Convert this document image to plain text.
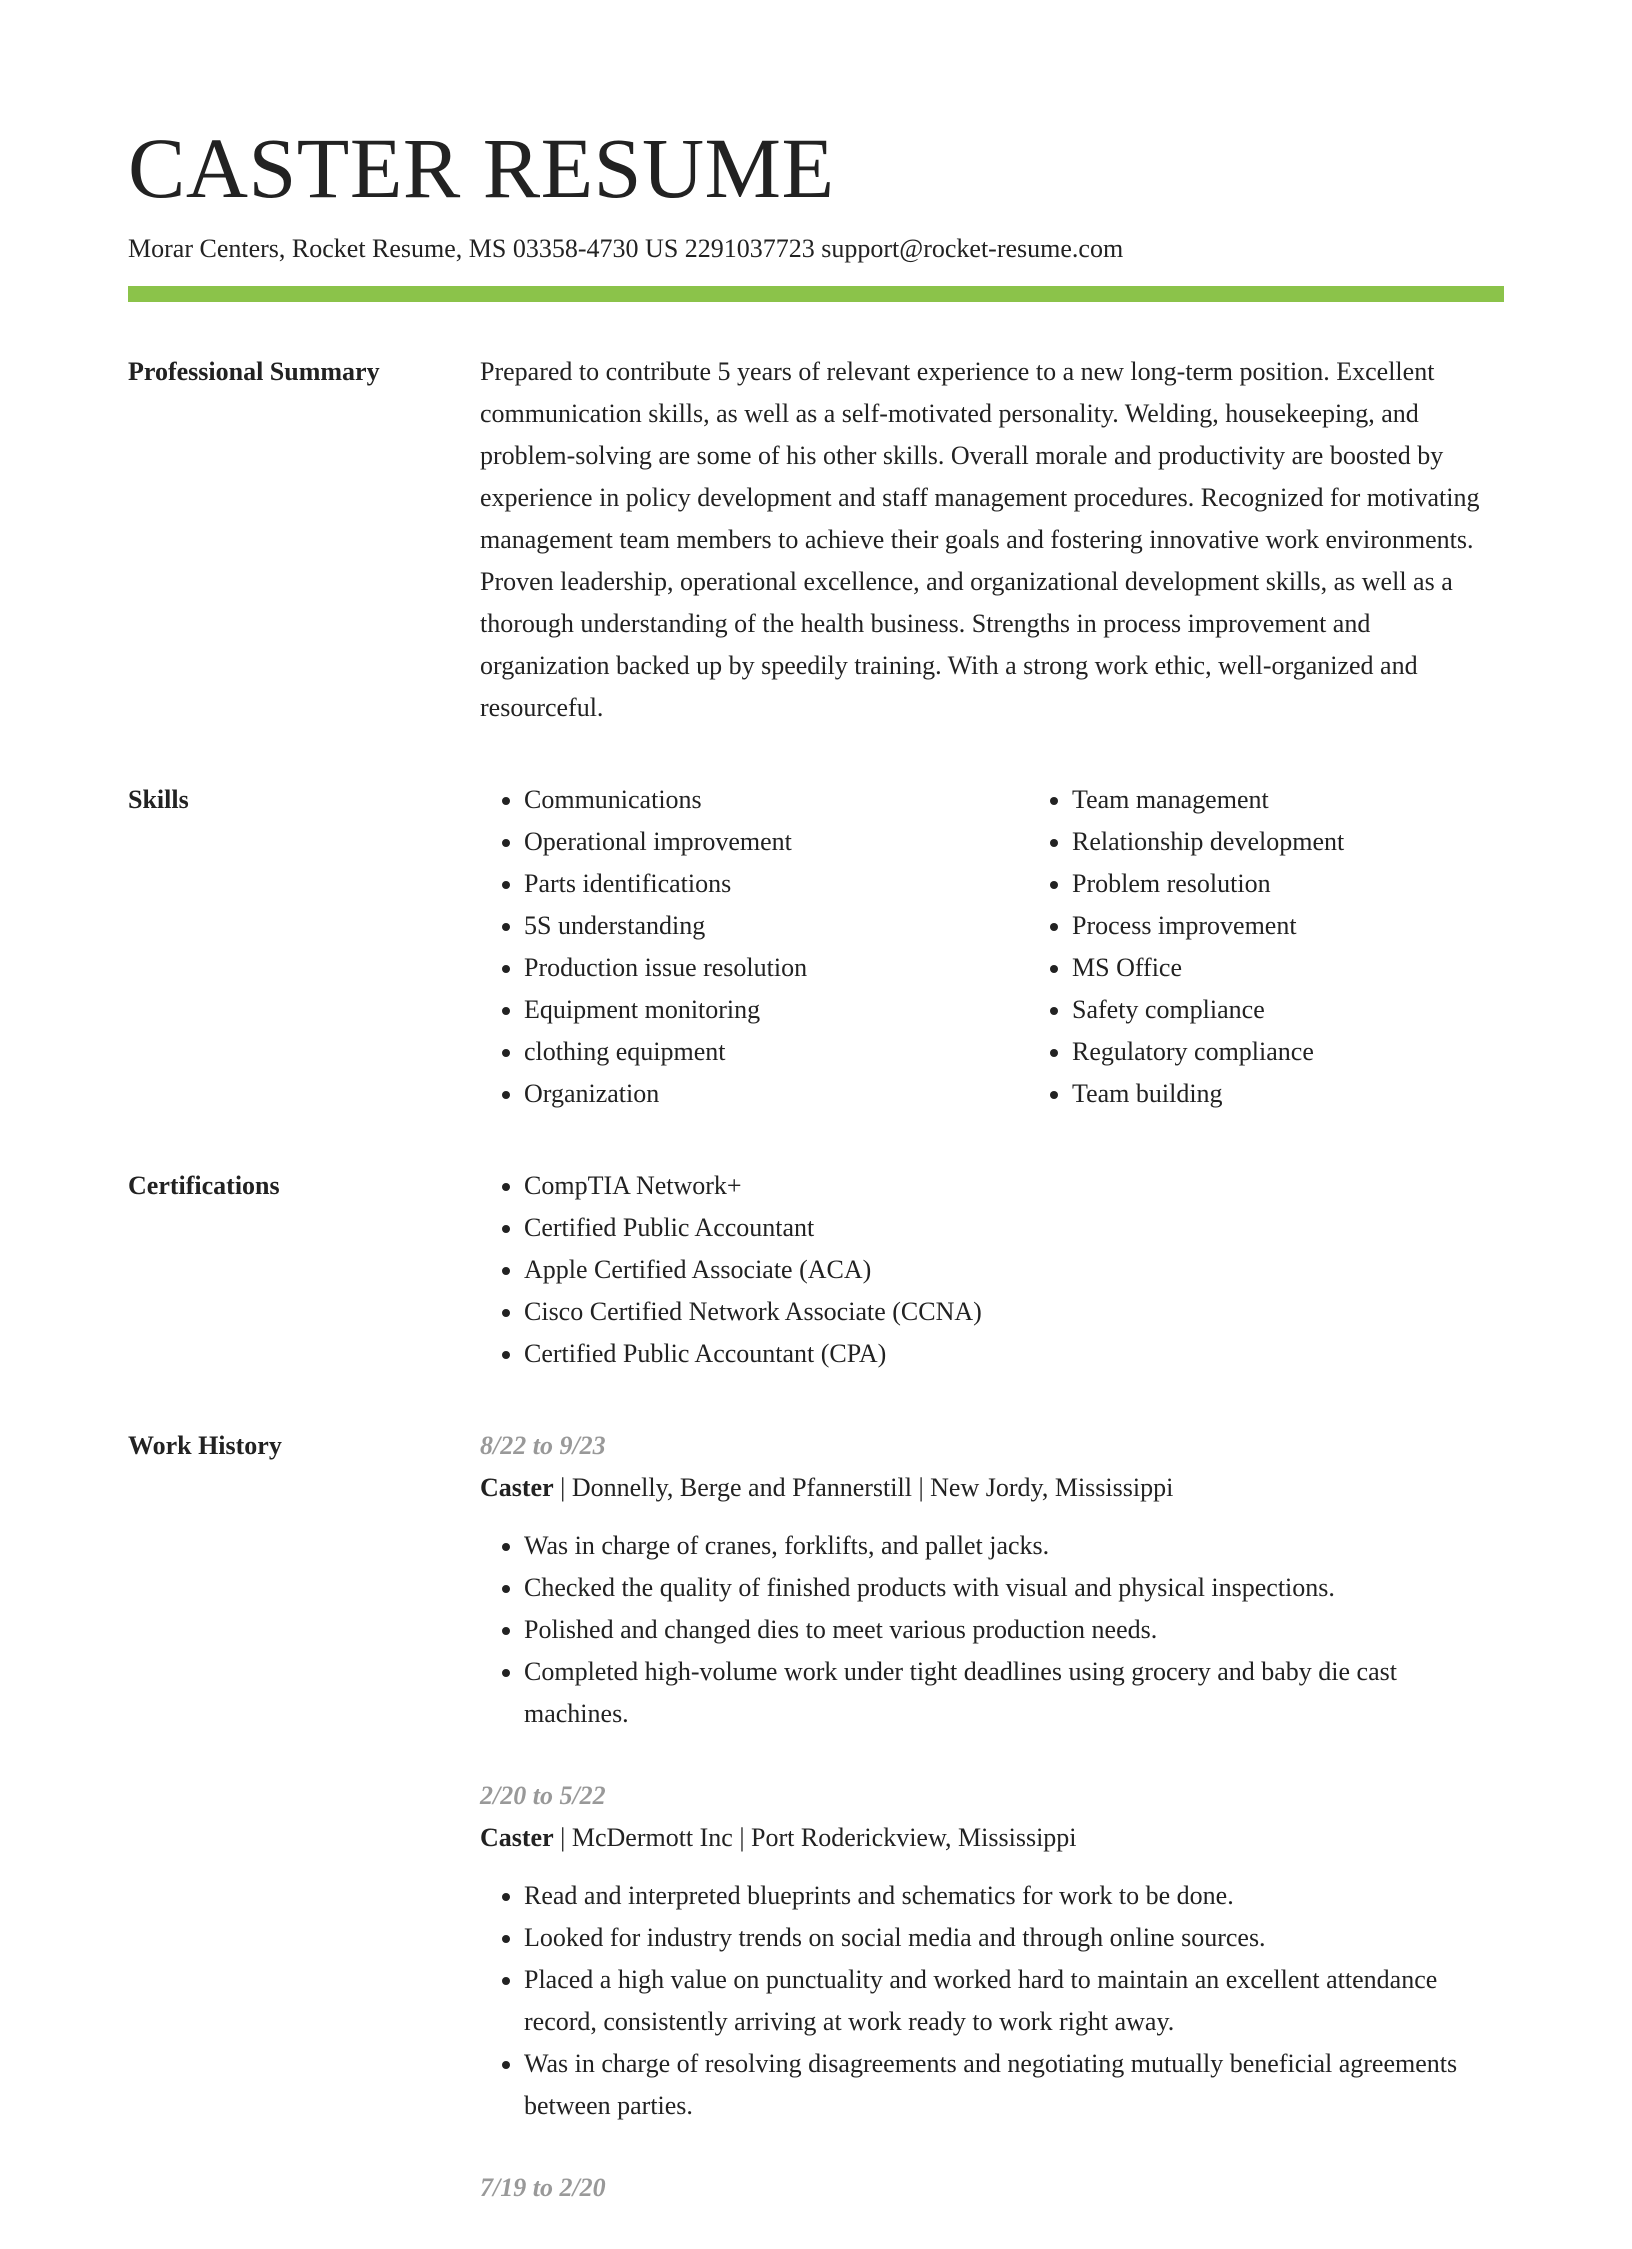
CASTER RESUME
Morar Centers, Rocket Resume, MS 03358-4730 US 2291037723 support@rocket-resume.com
Professional Summary	Prepared to contribute 5 years of relevant experience to a new long-term position. Excellent communication skills, as well as a self-motivated personality. Welding, housekeeping, and problem-solving are some of his other skills. Overall morale and productivity are boosted by experience in policy development and staff management procedures. Recognized for motivating management team members to achieve their goals and fostering innovative work environments. Proven leadership, operational excellence, and organizational development skills, as well as a thorough understanding of the health business. Strengths in process improvement and organization backed up by speedily training. With a strong work ethic, well-organized and resourceful.

Skills	• Communications
• Operational improvement
• Parts identifications
• 5S understanding
• Production issue resolution
• Equipment monitoring
• clothing equipment
• Organization
• Team management
• Relationship development
• Problem resolution
• Process improvement
• MS Office
• Safety compliance
• Regulatory compliance
• Team building
Certifications	• CompTIA Network+
• Certified Public Accountant
• Apple Certified Associate (ACA)
• Cisco Certified Network Associate (CCNA)
• Certified Public Accountant (CPA)
Work History	8/22 to 9/23
Caster | Donnelly, Berge and Pfannerstill | New Jordy, Mississippi
• Was in charge of cranes, forklifts, and pallet jacks.
• Checked the quality of finished products with visual and physical inspections.
• Polished and changed dies to meet various production needs.
• Completed high-volume work under tight deadlines using grocery and baby die cast machines.
2/20 to 5/22
Caster | McDermott Inc | Port Roderickview, Mississippi
• Read and interpreted blueprints and schematics for work to be done.
• Looked for industry trends on social media and through online sources.
• Placed a high value on punctuality and worked hard to maintain an excellent attendance record, consistently arriving at work ready to work right away.
• Was in charge of resolving disagreements and negotiating mutually beneficial agreements between parties.
7/19 to 2/20
